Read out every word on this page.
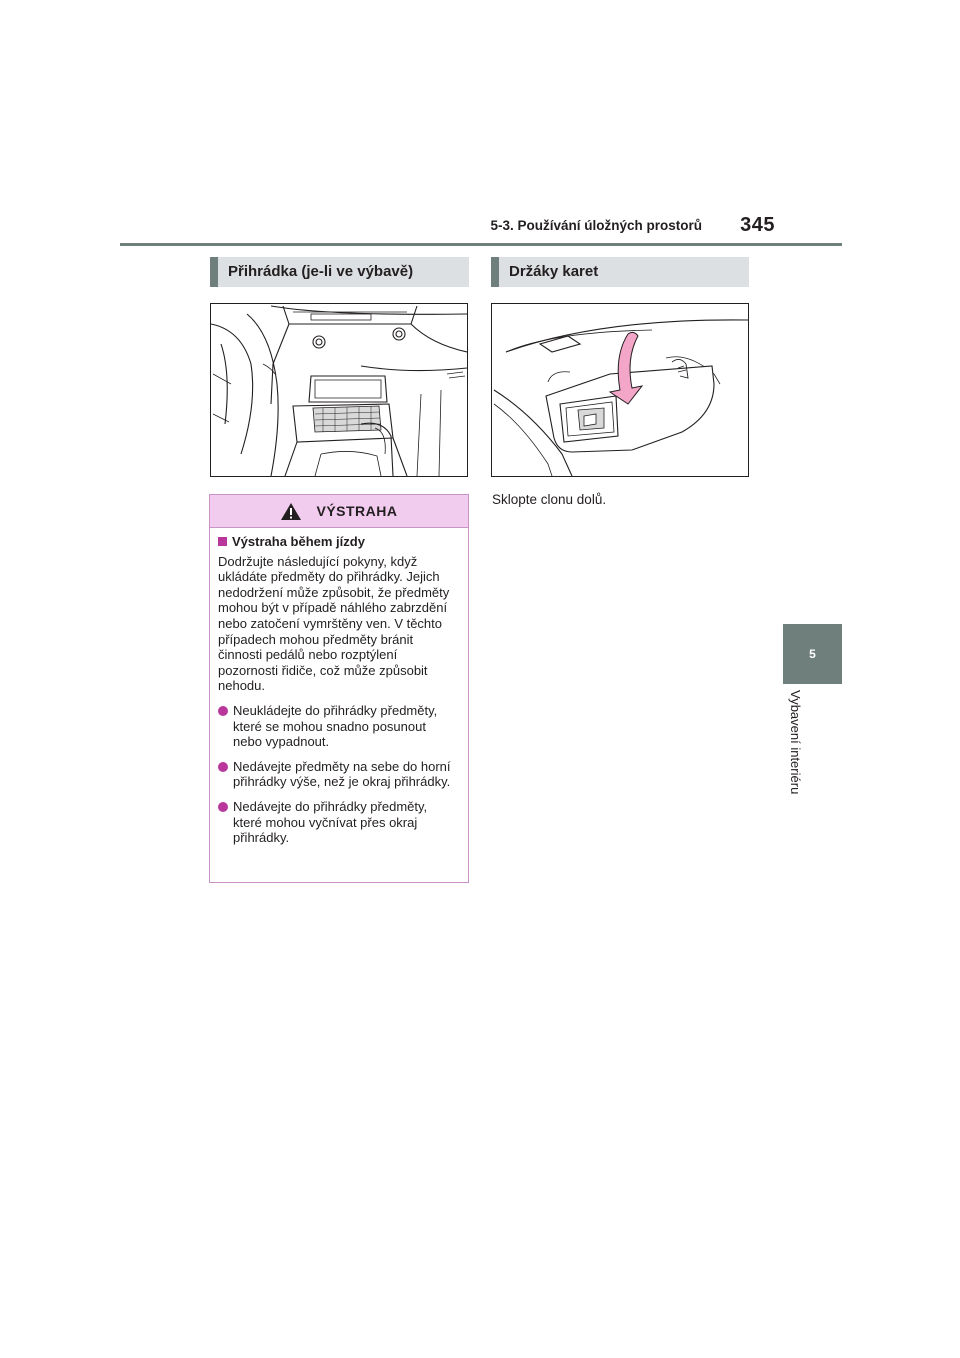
5-3. Používání úložných prostorů	345
5
Vybavení interiéru
Přihrádka (je-li ve výbavě)	Držáky karet
Sklopte clonu dolů.
VÝSTRAHA
Výstraha během jízdy
Dodržujte následující pokyny, když ukládáte předměty do přihrádky. Jejich nedodržení může způsobit, že předměty mohou být v případě náhlého zabrzdění nebo zatočení vymrštěny ven. V těchto případech mohou předměty bránit činnosti pedálů nebo rozptýlení pozornosti řidiče, což může způsobit nehodu.
Neukládejte do přihrádky předměty, které se mohou snadno posunout nebo vypadnout.
Nedávejte předměty na sebe do horní přihrádky výše, než je okraj přihrádky.
Nedávejte do přihrádky předměty, které mohou vyčnívat přes okraj přihrádky.
